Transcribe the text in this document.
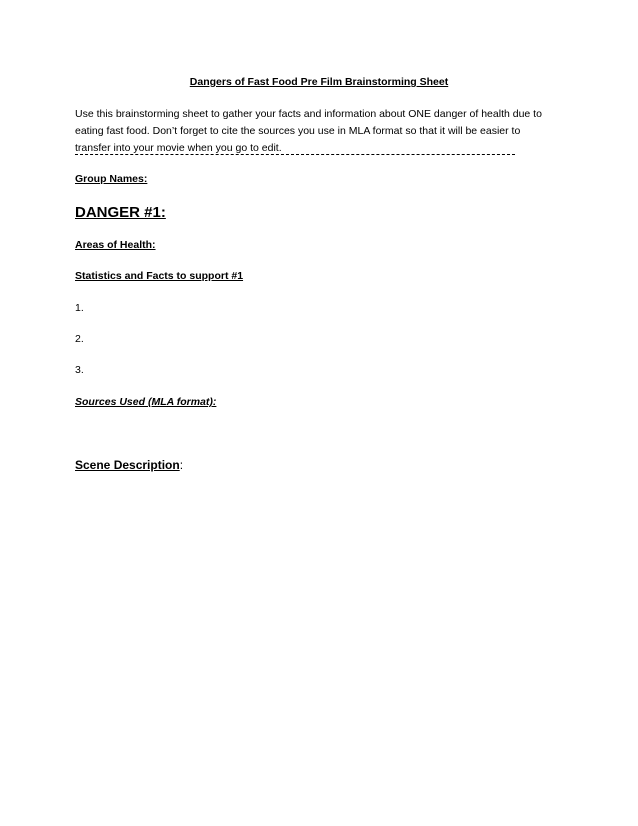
Dangers of Fast Food Pre Film Brainstorming Sheet
Use this brainstorming sheet to gather your facts and information about ONE danger of health due to
eating fast food. Don’t forget to cite the sources you use in MLA format so that it will be easier to
transfer into your movie when you go to edit.
Group Names:
DANGER #1:
Areas of Health:
Statistics and Facts to support #1
1.
2.
3.
Sources Used (MLA format):
Scene Description:
